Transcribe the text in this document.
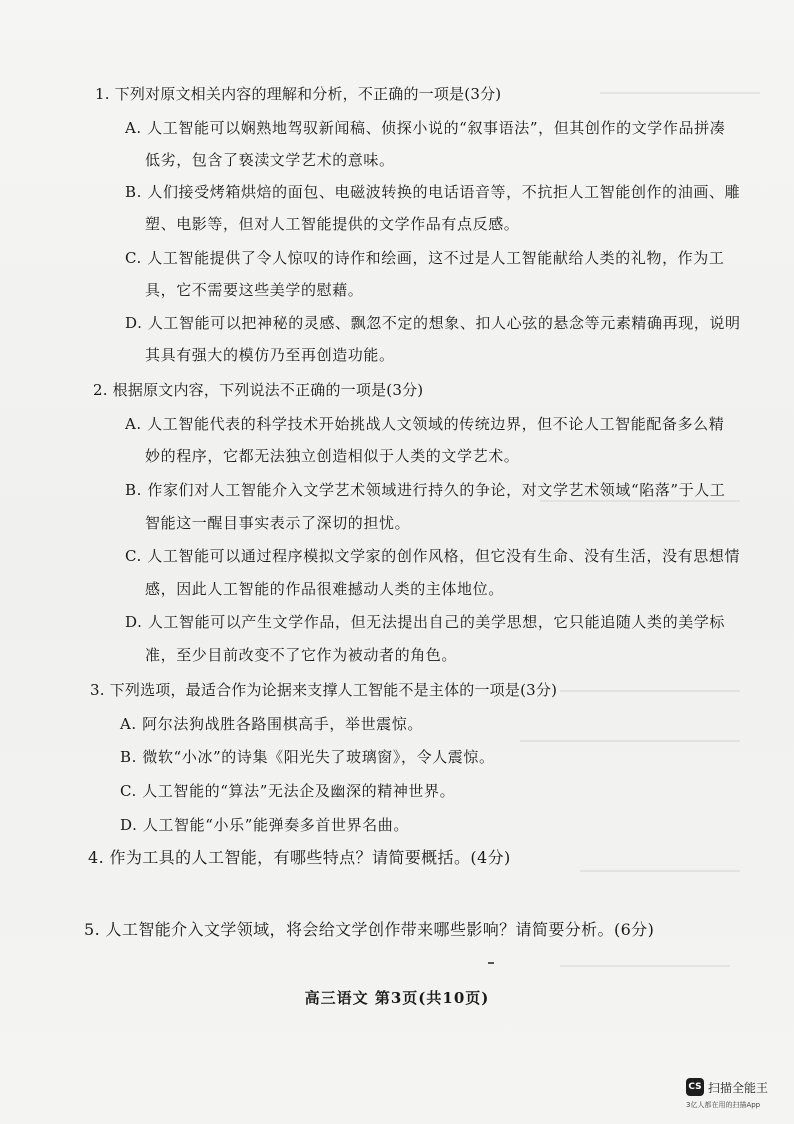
1. 下列对原文相关内容的理解和分析，不正确的一项是(3分)
A. 人工智能可以娴熟地驾驭新闻稿、侦探小说的“叙事语法”，但其创作的文学作品拼凑
低劣，包含了亵渎文学艺术的意味。
B. 人们接受烤箱烘焙的面包、电磁波转换的电话语音等，不抗拒人工智能创作的油画、雕
塑、电影等，但对人工智能提供的文学作品有点反感。
C. 人工智能提供了令人惊叹的诗作和绘画，这不过是人工智能献给人类的礼物，作为工
具，它不需要这些美学的慰藉。
D. 人工智能可以把神秘的灵感、飘忽不定的想象、扣人心弦的悬念等元素精确再现，说明
其具有强大的模仿乃至再创造功能。
2. 根据原文内容，下列说法不正确的一项是(3分)
A. 人工智能代表的科学技术开始挑战人文领域的传统边界，但不论人工智能配备多么精
妙的程序，它都无法独立创造相似于人类的文学艺术。
B. 作家们对人工智能介入文学艺术领域进行持久的争论，对文学艺术领域“陷落”于人工
智能这一醒目事实表示了深切的担忧。
C. 人工智能可以通过程序模拟文学家的创作风格，但它没有生命、没有生活，没有思想情
感，因此人工智能的作品很难撼动人类的主体地位。
D. 人工智能可以产生文学作品，但无法提出自己的美学思想，它只能追随人类的美学标
准，至少目前改变不了它作为被动者的角色。
3. 下列选项，最适合作为论据来支撑人工智能不是主体的一项是(3分)
A. 阿尔法狗战胜各路围棋高手，举世震惊。
B. 微软“小冰”的诗集《阳光失了玻璃窗》，令人震惊。
C. 人工智能的“算法”无法企及幽深的精神世界。
D. 人工智能“小乐”能弹奏多首世界名曲。
4. 作为工具的人工智能，有哪些特点？请简要概括。(4分)
5. 人工智能介入文学领域，将会给文学创作带来哪些影响？请简要分析。(6分)
高三语文 第3页(共10页)
CS 扫描全能王
3亿人都在用的扫描App
